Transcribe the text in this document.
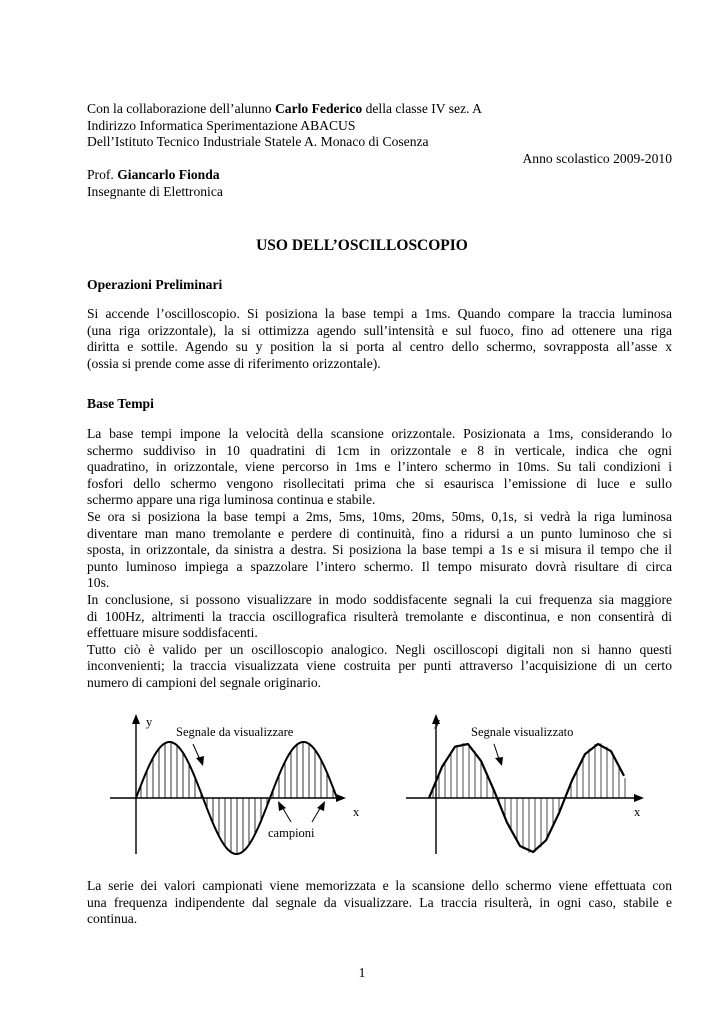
Con la collaborazione dell’alunno Carlo Federico della classe IV sez. A
Indirizzo Informatica Sperimentazione ABACUS
Dell’Istituto Tecnico Industriale Statele A. Monaco di Cosenza
Anno scolastico 2009-2010
Prof. Giancarlo Fionda
Insegnante di Elettronica
USO DELL’OSCILLOSCOPIO
Operazioni Preliminari
Si accende l’oscilloscopio. Si posiziona la base tempi a 1ms. Quando compare la traccia luminosa
(una riga orizzontale), la si ottimizza agendo sull’intensità e sul fuoco, fino ad ottenere una riga
diritta e sottile. Agendo su y position la si porta al centro dello schermo, sovrapposta all’asse x
(ossia si prende come asse di riferimento orizzontale).
Base Tempi
La base tempi impone la velocità della scansione orizzontale. Posizionata a 1ms, considerando lo
schermo suddiviso in 10 quadratini di 1cm in orizzontale e 8 in verticale, indica che ogni
quadratino, in orizzontale, viene percorso in 1ms e l’intero schermo in 10ms. Su tali condizioni i
fosfori dello schermo vengono risollecitati prima che si esaurisca l’emissione di luce e sullo
schermo appare una riga luminosa continua e stabile.
Se ora si posiziona la base tempi a 2ms, 5ms, 10ms, 20ms, 50ms, 0,1s, si vedrà la riga luminosa
diventare man mano tremolante e perdere di continuità, fino a ridursi a un punto luminoso che si
sposta, in orizzontale, da sinistra a destra. Si posiziona la base tempi a 1s e si misura il tempo che il
punto luminoso impiega a spazzolare l’intero schermo. Il tempo misurato dovrà risultare di circa
10s.
In conclusione, si possono visualizzare in modo soddisfacente segnali la cui frequenza sia maggiore
di 100Hz, altrimenti la traccia oscillografica risulterà tremolante e discontinua, e non consentirà di
effettuare misure soddisfacenti.
Tutto ciò è valido per un oscilloscopio analogico. Negli oscilloscopi digitali non si hanno questi
inconvenienti; la traccia visualizzata viene costruita per punti attraverso l’acquisizione di un certo
numero di campioni del segnale originario.
y
x
Segnale da visualizzare
campioni
y
x
Segnale visualizzato
La serie dei valori campionati viene memorizzata e la scansione dello schermo viene effettuata con
una frequenza indipendente dal segnale da visualizzare. La traccia risulterà, in ogni caso, stabile e
continua.
1
